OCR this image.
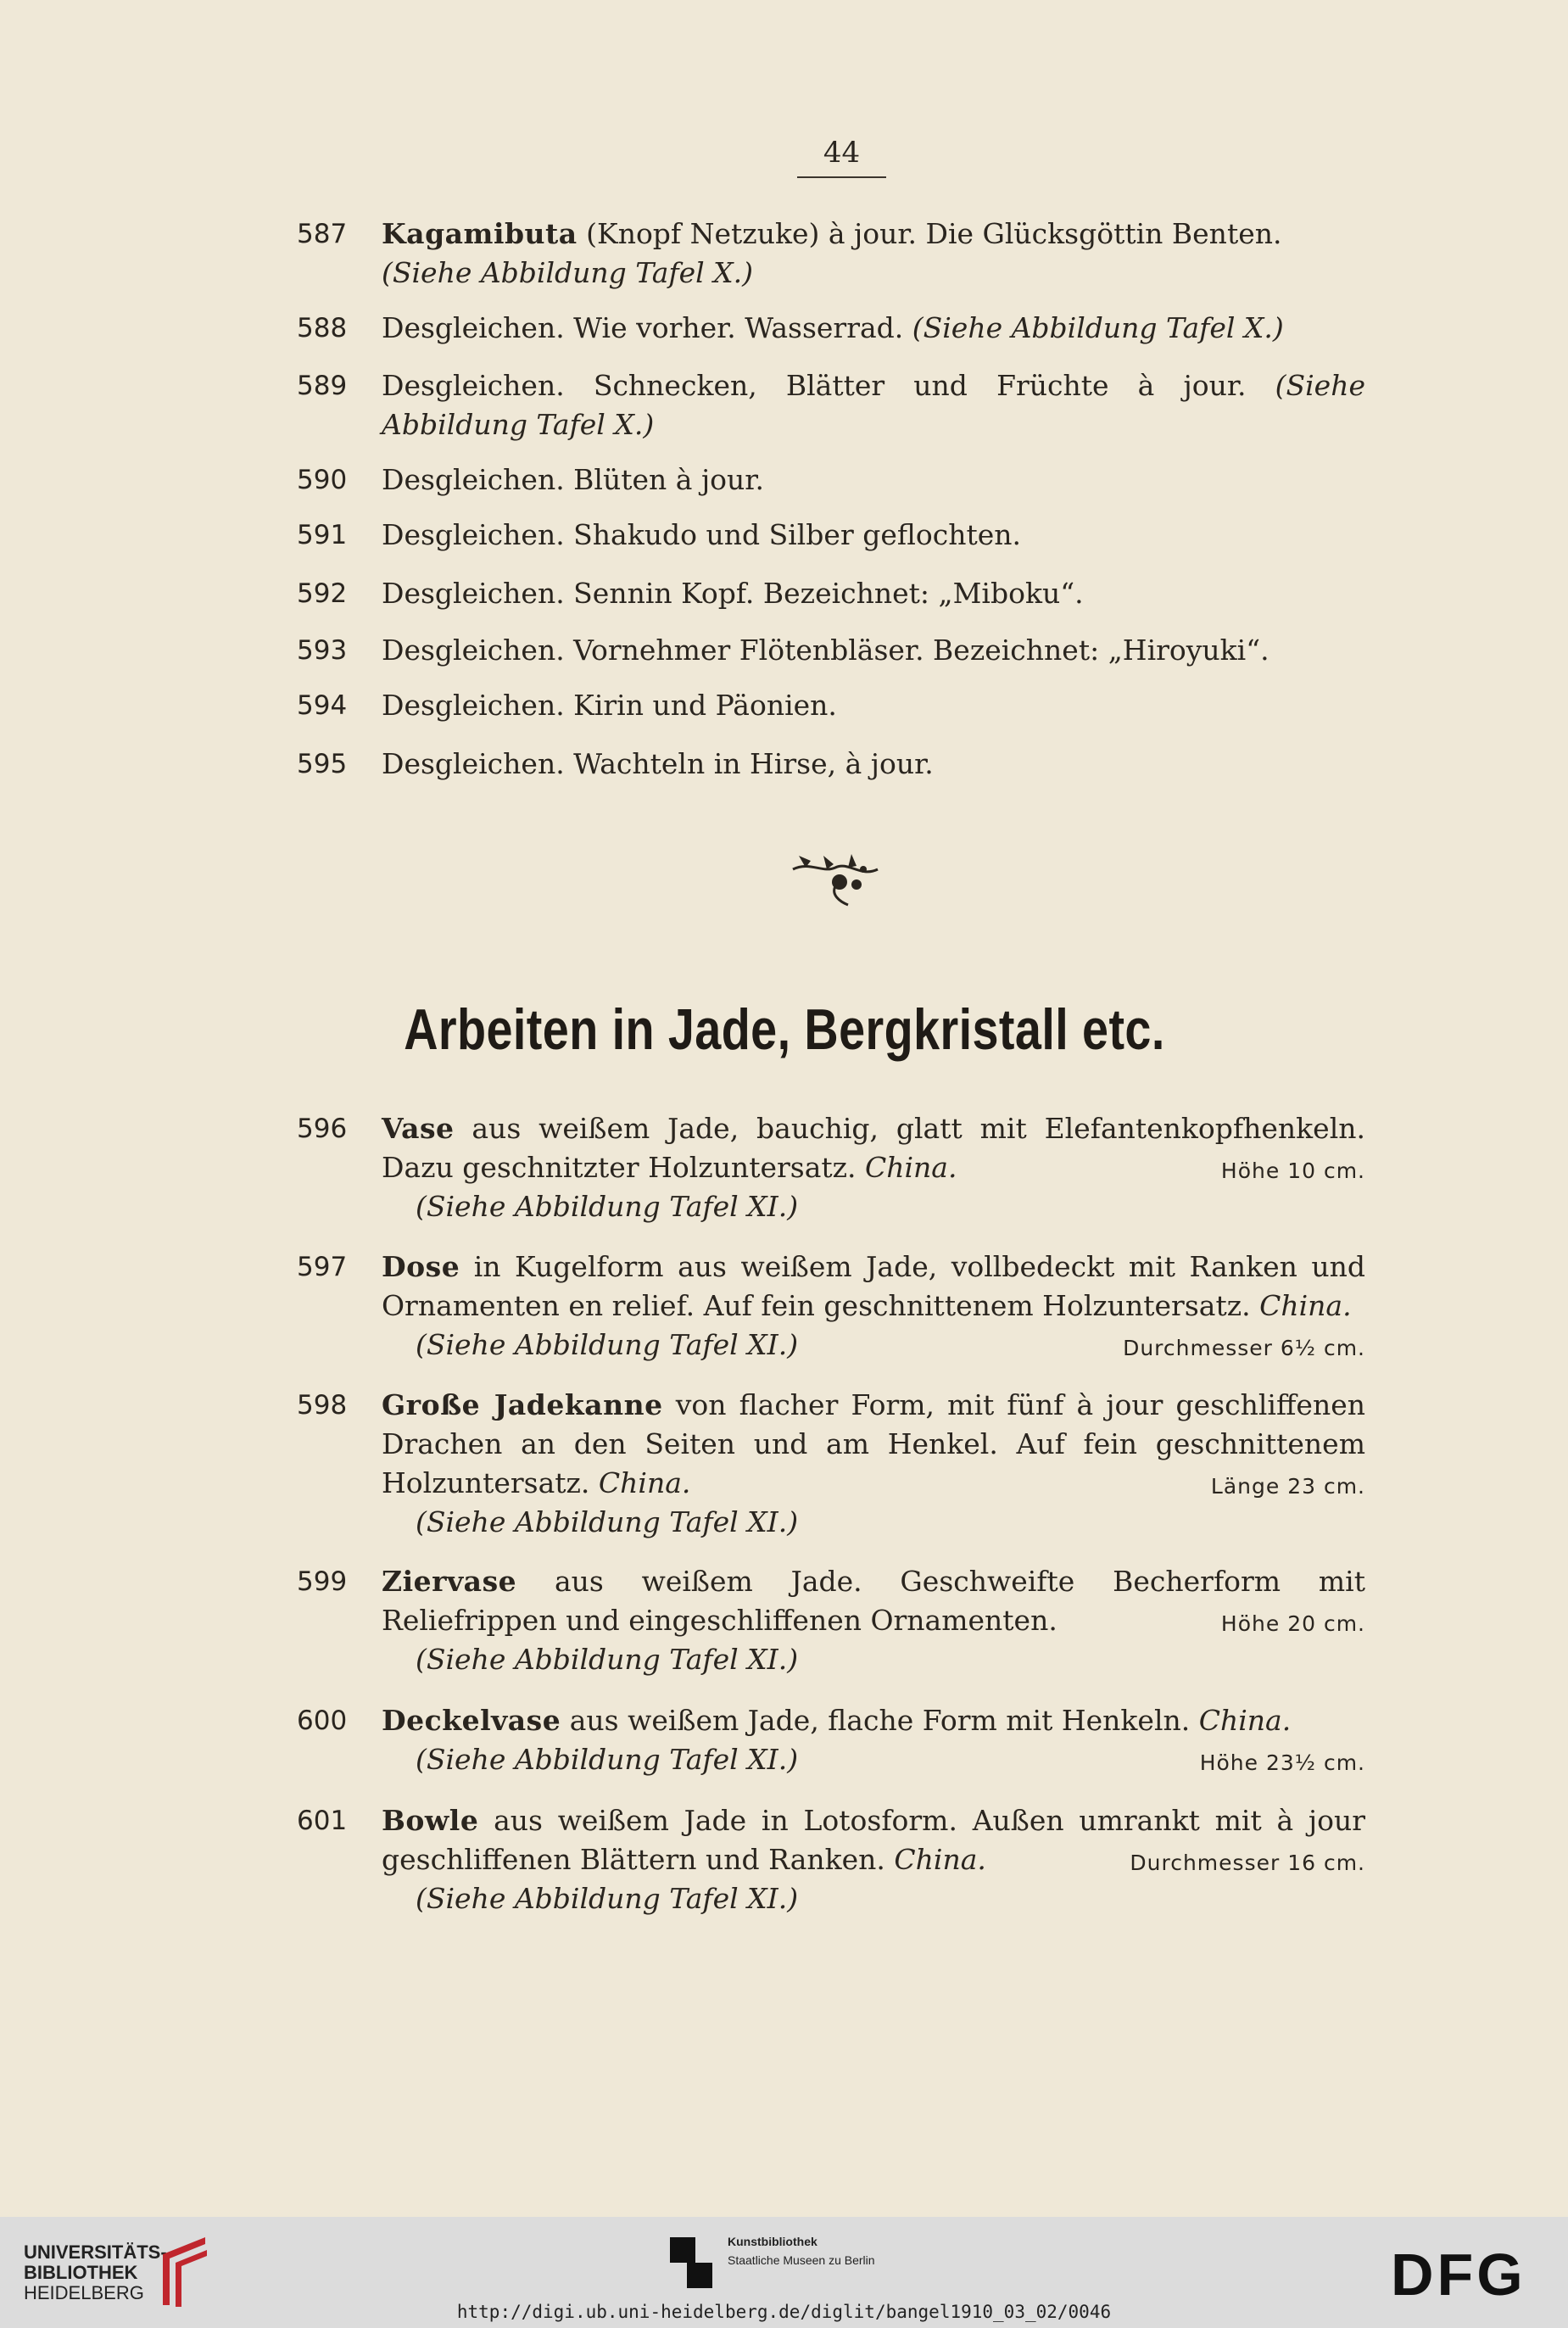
44
587	Kagamibuta (Knopf Netzuke) à jour. Die Glücksgöttin Benten.
(Siehe Abbildung Tafel X.)
588	Desgleichen. Wie vorher. Wasserrad. (Siehe Abbildung Tafel X.)
589	Desgleichen. Schnecken, Blätter und Früchte à jour. (Siehe Abbildung Tafel X.)
590	Desgleichen. Blüten à jour.
591	Desgleichen. Shakudo und Silber geflochten.
592	Desgleichen. Sennin Kopf. Bezeichnet: „Miboku“.
593	Desgleichen. Vornehmer Flötenbläser. Bezeichnet: „Hiroyuki“.
594	Desgleichen. Kirin und Päonien.
595	Desgleichen. Wachteln in Hirse, à jour.
Arbeiten in Jade, Bergkristall etc.
596	Vase aus weißem Jade, bauchig, glatt mit Elefantenkopfhenkeln. Dazu geschnitzter Holzuntersatz. China.	Höhe 10 cm.
(Siehe Abbildung Tafel XI.)
597	Dose in Kugelform aus weißem Jade, vollbedeckt mit Ranken und Ornamenten en relief. Auf fein geschnittenem Holzuntersatz. China.
(Siehe Abbildung Tafel XI.)	Durchmesser 6½ cm.
598	Große Jadekanne von flacher Form, mit fünf à jour geschliffenen Drachen an den Seiten und am Henkel. Auf fein geschnittenem Holzuntersatz. China.	Länge 23 cm.
(Siehe Abbildung Tafel XI.)
599	Ziervase aus weißem Jade. Geschweifte Becherform mit Reliefrippen und eingeschliffenen Ornamenten.	Höhe 20 cm.
(Siehe Abbildung Tafel XI.)
600	Deckelvase aus weißem Jade, flache Form mit Henkeln. China.
(Siehe Abbildung Tafel XI.)	Höhe 23½ cm.
601	Bowle aus weißem Jade in Lotosform. Außen umrankt mit à jour geschliffenen Blättern und Ranken. China.	Durchmesser 16 cm.
(Siehe Abbildung Tafel XI.)
UNIVERSITÄTS-
BIBLIOTHEK
HEIDELBERG
Kunstbibliothek
Staatliche Museen zu Berlin	DFG
http://digi.ub.uni-heidelberg.de/diglit/bangel1910_03_02/0046
